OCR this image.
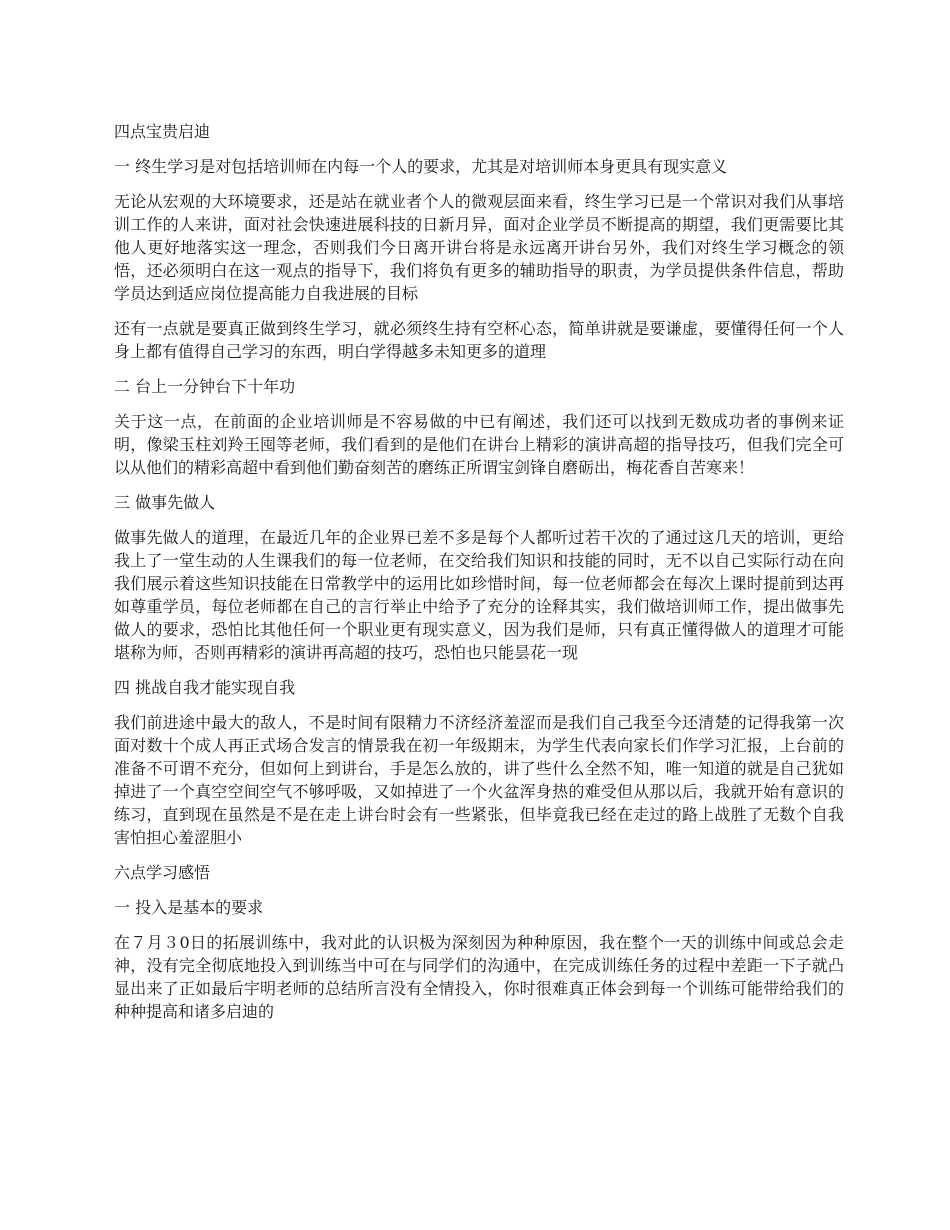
四点宝贵启迪

一 终生学习是对包括培训师在内每一个人的要求，尤其是对培训师本身更具有现实意义

无论从宏观的大环境要求，还是站在就业者个人的微观层面来看，终生学习已是一个常识对我们从事培训工作的人来讲，面对社会快速进展科技的日新月异，面对企业学员不断提高的期望，我们更需要比其他人更好地落实这一理念，否则我们今日离开讲台将是永远离开讲台另外，我们对终生学习概念的领悟，还必须明白在这一观点的指导下，我们将负有更多的辅助指导的职责，为学员提供条件信息，帮助学员达到适应岗位提高能力自我进展的目标

还有一点就是要真正做到终生学习，就必须终生持有空杯心态，简单讲就是要谦虚，要懂得任何一个人身上都有值得自己学习的东西，明白学得越多未知更多的道理

二 台上一分钟台下十年功

关于这一点，在前面的企业培训师是不容易做的中已有阐述，我们还可以找到无数成功者的事例来证明，像梁玉柱刘羚王囤等老师，我们看到的是他们在讲台上精彩的演讲高超的指导技巧，但我们完全可以从他们的精彩高超中看到他们勤奋刻苦的磨练正所谓宝剑锋自磨砺出，梅花香自苦寒来！

三 做事先做人

做事先做人的道理，在最近几年的企业界已差不多是每个人都听过若干次的了通过这几天的培训，更给我上了一堂生动的人生课我们的每一位老师，在交给我们知识和技能的同时，无不以自己实际行动在向我们展示着这些知识技能在日常教学中的运用比如珍惜时间，每一位老师都会在每次上课时提前到达再如尊重学员，每位老师都在自己的言行举止中给予了充分的诠释其实，我们做培训师工作，提出做事先做人的要求，恐怕比其他任何一个职业更有现实意义，因为我们是师，只有真正懂得做人的道理才可能堪称为师，否则再精彩的演讲再高超的技巧，恐怕也只能昙花一现

四 挑战自我才能实现自我

我们前进途中最大的敌人，不是时间有限精力不济经济羞涩而是我们自己我至今还清楚的记得我第一次面对数十个成人再正式场合发言的情景我在初一年级期末，为学生代表向家长们作学习汇报，上台前的准备不可谓不充分，但如何上到讲台，手是怎么放的，讲了些什么全然不知，唯一知道的就是自己犹如掉进了一个真空空间空气不够呼吸，又如掉进了一个火盆浑身热的难受但从那以后，我就开始有意识的练习，直到现在虽然是不是在走上讲台时会有一些紧张，但毕竟我已经在走过的路上战胜了无数个自我害怕担心羞涩胆小

六点学习感悟

一 投入是基本的要求

在７月３0日的拓展训练中，我对此的认识极为深刻因为种种原因，我在整个一天的训练中间或总会走神，没有完全彻底地投入到训练当中可在与同学们的沟通中，在完成训练任务的过程中差距一下子就凸显出来了正如最后宇明老师的总结所言没有全情投入，你时很难真正体会到每一个训练可能带给我们的种种提高和诸多启迪的
